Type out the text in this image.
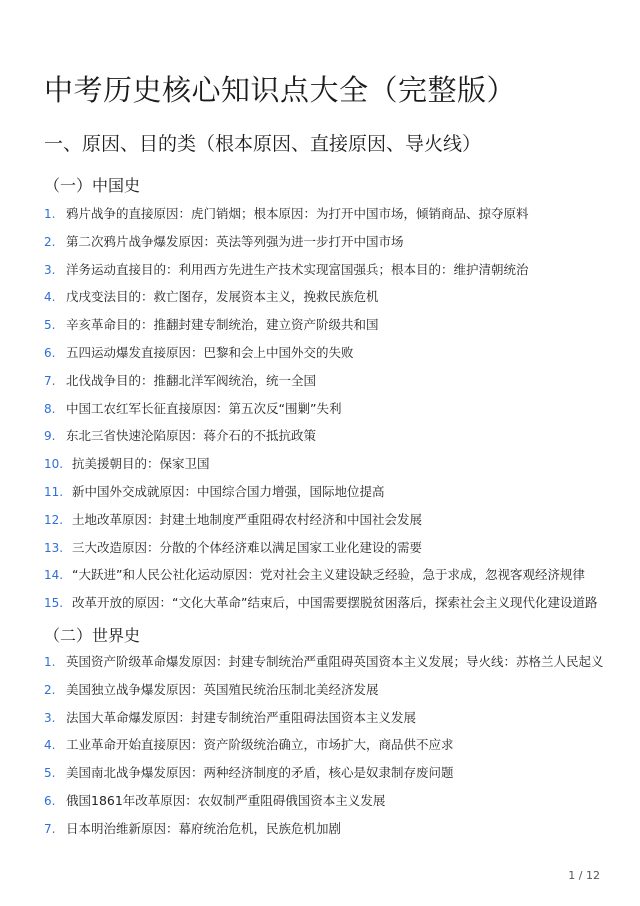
中考历史核心知识点大全（完整版）
一、原因、目的类（根本原因、直接原因、导火线）
（一）中国史
1. 鸦片战争的直接原因：虎门销烟；根本原因：为打开中国市场，倾销商品、掠夺原料
2. 第二次鸦片战争爆发原因：英法等列强为进一步打开中国市场
3. 洋务运动直接目的：利用西方先进生产技术实现富国强兵；根本目的：维护清朝统治
4. 戊戌变法目的：救亡图存，发展资本主义，挽救民族危机
5. 辛亥革命目的：推翻封建专制统治，建立资产阶级共和国
6. 五四运动爆发直接原因：巴黎和会上中国外交的失败
7. 北伐战争目的：推翻北洋军阀统治，统一全国
8. 中国工农红军长征直接原因：第五次反“围剿”失利
9. 东北三省快速沦陷原因：蒋介石的不抵抗政策
10. 抗美援朝目的：保家卫国
11. 新中国外交成就原因：中国综合国力增强，国际地位提高
12. 土地改革原因：封建土地制度严重阻碍农村经济和中国社会发展
13. 三大改造原因：分散的个体经济难以满足国家工业化建设的需要
14. “大跃进”和人民公社化运动原因：党对社会主义建设缺乏经验，急于求成，忽视客观经济规律
15. 改革开放的原因：“文化大革命”结束后，中国需要摆脱贫困落后，探索社会主义现代化建设道路
（二）世界史
1. 英国资产阶级革命爆发原因：封建专制统治严重阻碍英国资本主义发展；导火线：苏格兰人民起义
2. 美国独立战争爆发原因：英国殖民统治压制北美经济发展
3. 法国大革命爆发原因：封建专制统治严重阻碍法国资本主义发展
4. 工业革命开始直接原因：资产阶级统治确立，市场扩大，商品供不应求
5. 美国南北战争爆发原因：两种经济制度的矛盾，核心是奴隶制存废问题
6. 俄国1861年改革原因：农奴制严重阻碍俄国资本主义发展
7. 日本明治维新原因：幕府统治危机，民族危机加剧
1 / 12
